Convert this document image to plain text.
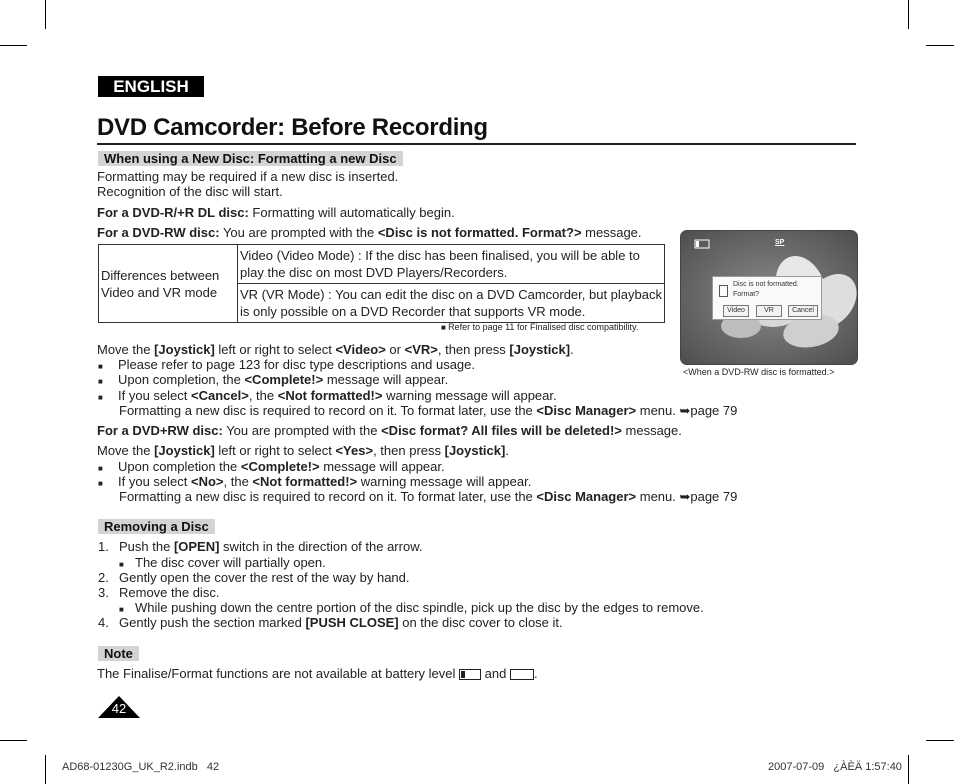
ENGLISH
DVD Camcorder: Before Recording
When using a New Disc: Formatting a new Disc
Formatting may be required if a new disc is inserted.
Recognition of the disc will start.
For a DVD-R/+R DL disc: Formatting will automatically begin.
For a DVD-RW disc: You are prompted with the <Disc is not formatted. Format?> message.
Differences between Video and VR mode	Video (Video Mode) : If the disc has been finalised, you will be able to play the disc on most DVD Players/Recorders.
VR (VR Mode) : You can edit the disc on a DVD Camcorder, but playback is only possible on a DVD Recorder that supports VR mode.
■ Refer to page 11 for Finalised disc compatibility.
SP
Disc is not formatted.
Format?
Video	VR	Cancel
<When a DVD-RW disc is formatted.>
Move the [Joystick] left or right to select <Video> or <VR>, then press [Joystick].
■ Please refer to page 123 for disc type descriptions and usage.
■ Upon completion, the <Complete!> message will appear.
■ If you select <Cancel>, the <Not formatted!> warning message will appear.
Formatting a new disc is required to record on it. To format later, use the <Disc Manager> menu. ➥page 79
For a DVD+RW disc: You are prompted with the <Disc format? All files will be deleted!> message.
Move the [Joystick] left or right to select <Yes>, then press [Joystick].
■ Upon completion the <Complete!> message will appear.
■ If you select <No>, the <Not formatted!> warning message will appear.
Formatting a new disc is required to record on it. To format later, use the <Disc Manager> menu. ➥page 79
Removing a Disc
1. Push the [OPEN] switch in the direction of the arrow.
■ The disc cover will partially open.
2. Gently open the cover the rest of the way by hand.
3. Remove the disc.
■ While pushing down the centre portion of the disc spindle, pick up the disc by the edges to remove.
4. Gently push the section marked [PUSH CLOSE] on the disc cover to close it.
Note
The Finalise/Format functions are not available at battery level
and .
42
AD68-01230G_UK_R2.indb   42	2007-07-09   ¿ÀÈÄ 1:57:40
